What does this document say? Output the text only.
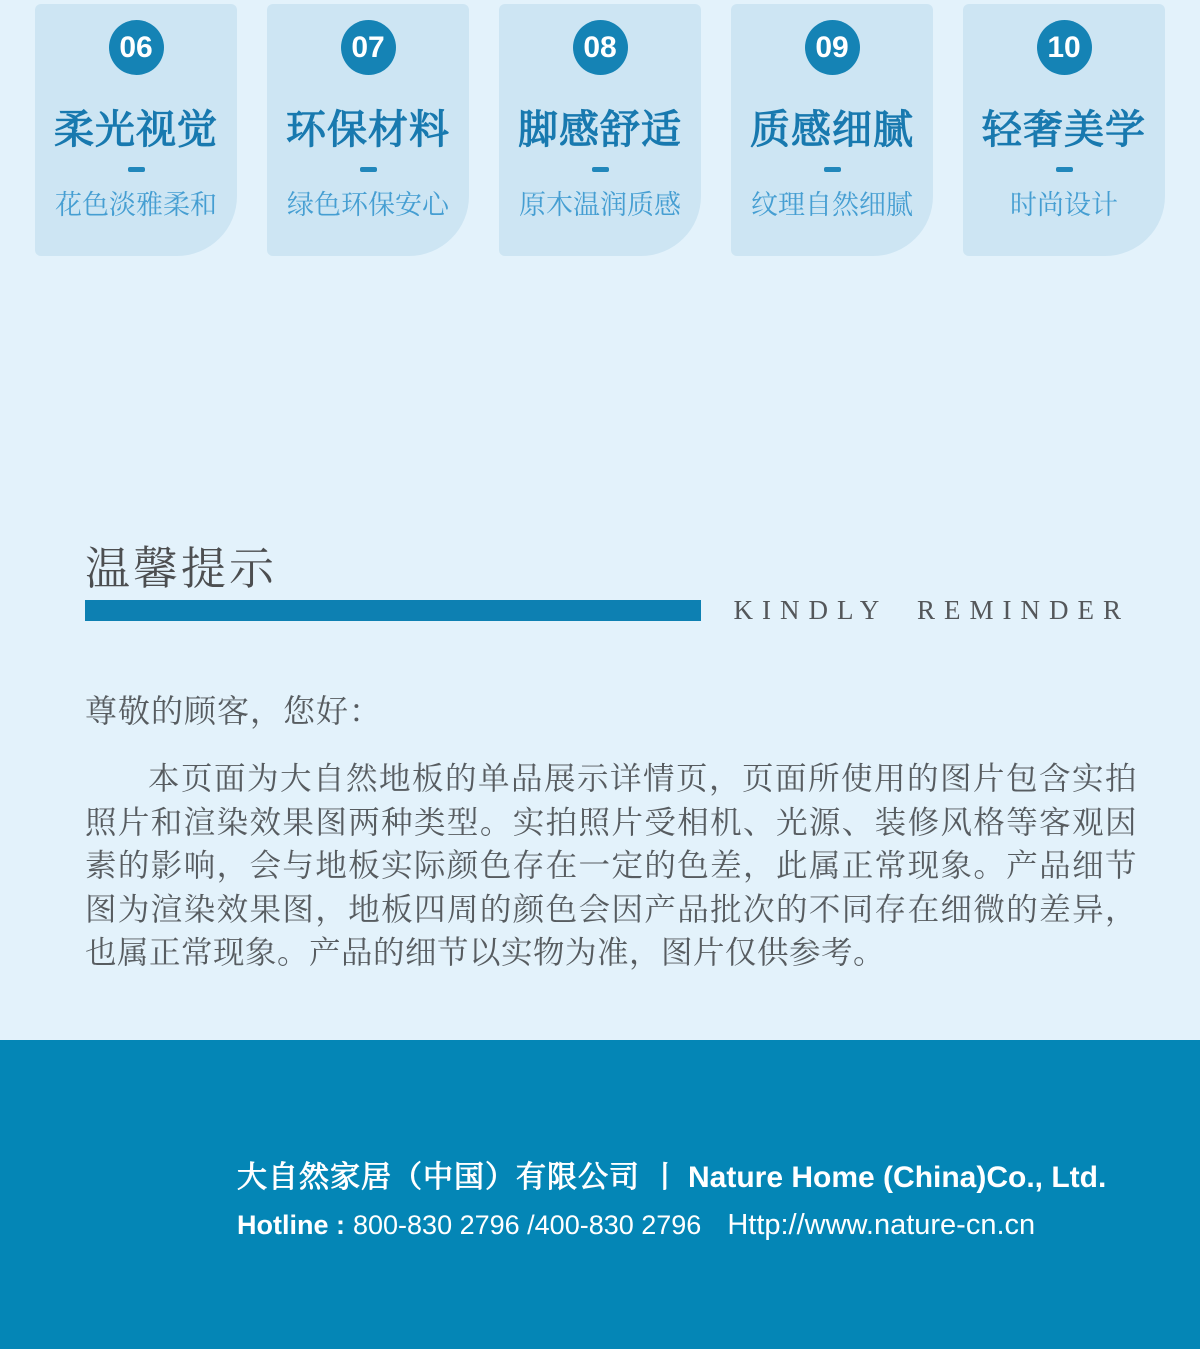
06
柔光视觉
花色淡雅柔和
07
环保材料
绿色环保安心
08
脚感舒适
原木温润质感
09
质感细腻
纹理自然细腻
10
轻奢美学
时尚设计
温馨提示
KINDLY REMINDER
尊敬的顾客，您好：
本页面为大自然地板的单品展示详情页，页面所使用的图片包含实拍照片和渲染效果图两种类型。实拍照片受相机、光源、装修风格等客观因素的影响，会与地板实际颜色存在一定的色差，此属正常现象。产品细节图为渲染效果图，地板四周的颜色会因产品批次的不同存在细微的差异，也属正常现象。产品的细节以实物为准，图片仅供参考。
大自然家居（中国）有限公司 丨 Nature Home (China)Co., Ltd.
Hotline : 800-830 2796 /400-830 2796 Http://www.nature-cn.cn
